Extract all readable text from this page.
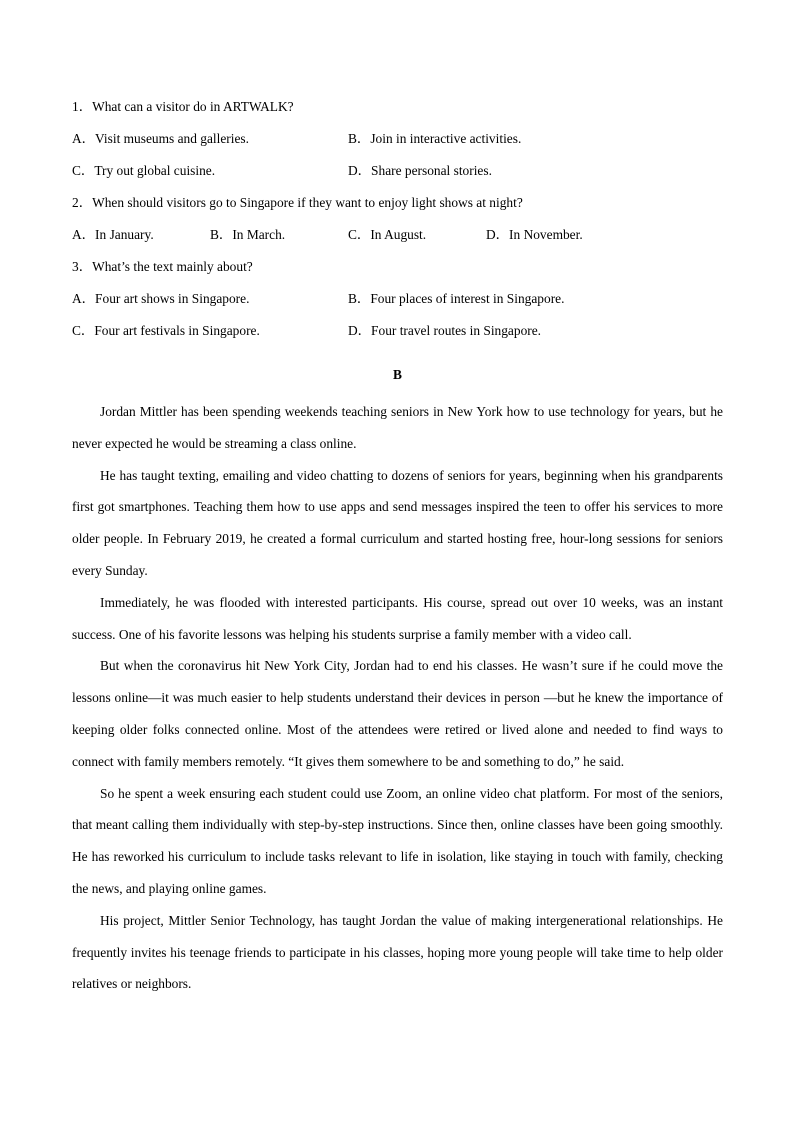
1．What can a visitor do in ARTWALK?
A．Visit museums and galleries.	B．Join in interactive activities.
C．Try out global cuisine.	D．Share personal stories.
2．When should visitors go to Singapore if they want to enjoy light shows at night?
A．In January.	B．In March.	C．In August.	D．In November.
3．What’s the text mainly about?
A．Four art shows in Singapore.	B．Four places of interest in Singapore.
C．Four art festivals in Singapore.	D．Four travel routes in Singapore.
B

Jordan Mittler has been spending weekends teaching seniors in New York how to use technology for years, but he never expected he would be streaming a class online.

He has taught texting, emailing and video chatting to dozens of seniors for years, beginning when his grandparents first got smartphones. Teaching them how to use apps and send messages inspired the teen to offer his services to more older people. In February 2019, he created a formal curriculum and started hosting free, hour-long sessions for seniors every Sunday.

Immediately, he was flooded with interested participants. His course, spread out over 10 weeks, was an instant success. One of his favorite lessons was helping his students surprise a family member with a video call.

But when the coronavirus hit New York City, Jordan had to end his classes. He wasn’t sure if he could move the lessons online—it was much easier to help students understand their devices in person —but he knew the importance of keeping older folks connected online. Most of the attendees were retired or lived alone and needed to find ways to connect with family members remotely. “It gives them somewhere to be and something to do,” he said.

So he spent a week ensuring each student could use Zoom, an online video chat platform. For most of the seniors, that meant calling them individually with step-by-step instructions. Since then, online classes have been going smoothly. He has reworked his curriculum to include tasks relevant to life in isolation, like staying in touch with family, checking the news, and playing online games.

His project, Mittler Senior Technology, has taught Jordan the value of making intergenerational relationships. He frequently invites his teenage friends to participate in his classes, hoping more young people will take time to help older relatives or neighbors.
